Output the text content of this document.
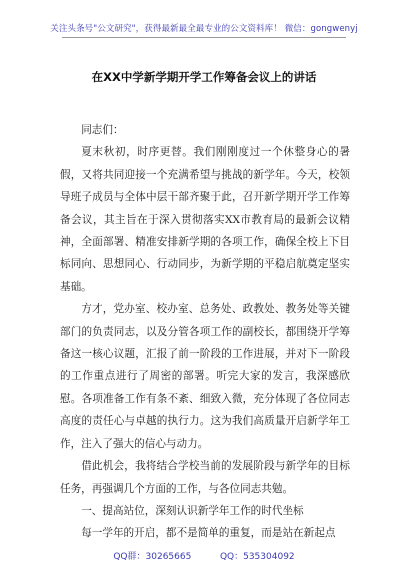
关注头条号"公文研究"，获得最新最全最专业的公文资料库！ 微信：gongwenyj
在XX中学新学期开学工作筹备会议上的讲话

同志们：

夏末秋初，时序更替。我们刚刚度过一个休整身心的暑假，又将共同迎接一个充满希望与挑战的新学年。今天，校领导班子成员与全体中层干部齐聚于此，召开新学期开学工作筹备会议，其主旨在于深入贯彻落实XX市教育局的最新会议精神，全面部署、精准安排新学期的各项工作，确保全校上下目标同向、思想同心、行动同步，为新学期的平稳启航奠定坚实基础。

方才，党办室、校办室、总务处、政教处、教务处等关键部门的负责同志，以及分管各项工作的副校长，都围绕开学筹备这一核心议题，汇报了前一阶段的工作进展，并对下一阶段的工作重点进行了周密的部署。听完大家的发言，我深感欣慰。各项准备工作有条不紊、细致入微，充分体现了各位同志高度的责任心与卓越的执行力。这为我们高质量开启新学年工作，注入了强大的信心与动力。

借此机会，我将结合学校当前的发展阶段与新学年的目标任务，再强调几个方面的工作，与各位同志共勉。

一、提高站位，深刻认识新学年工作的时代坐标

每一学年的开启，都不是简单的重复，而是站在新起点

QQ群：30265665	QQ：535304092
